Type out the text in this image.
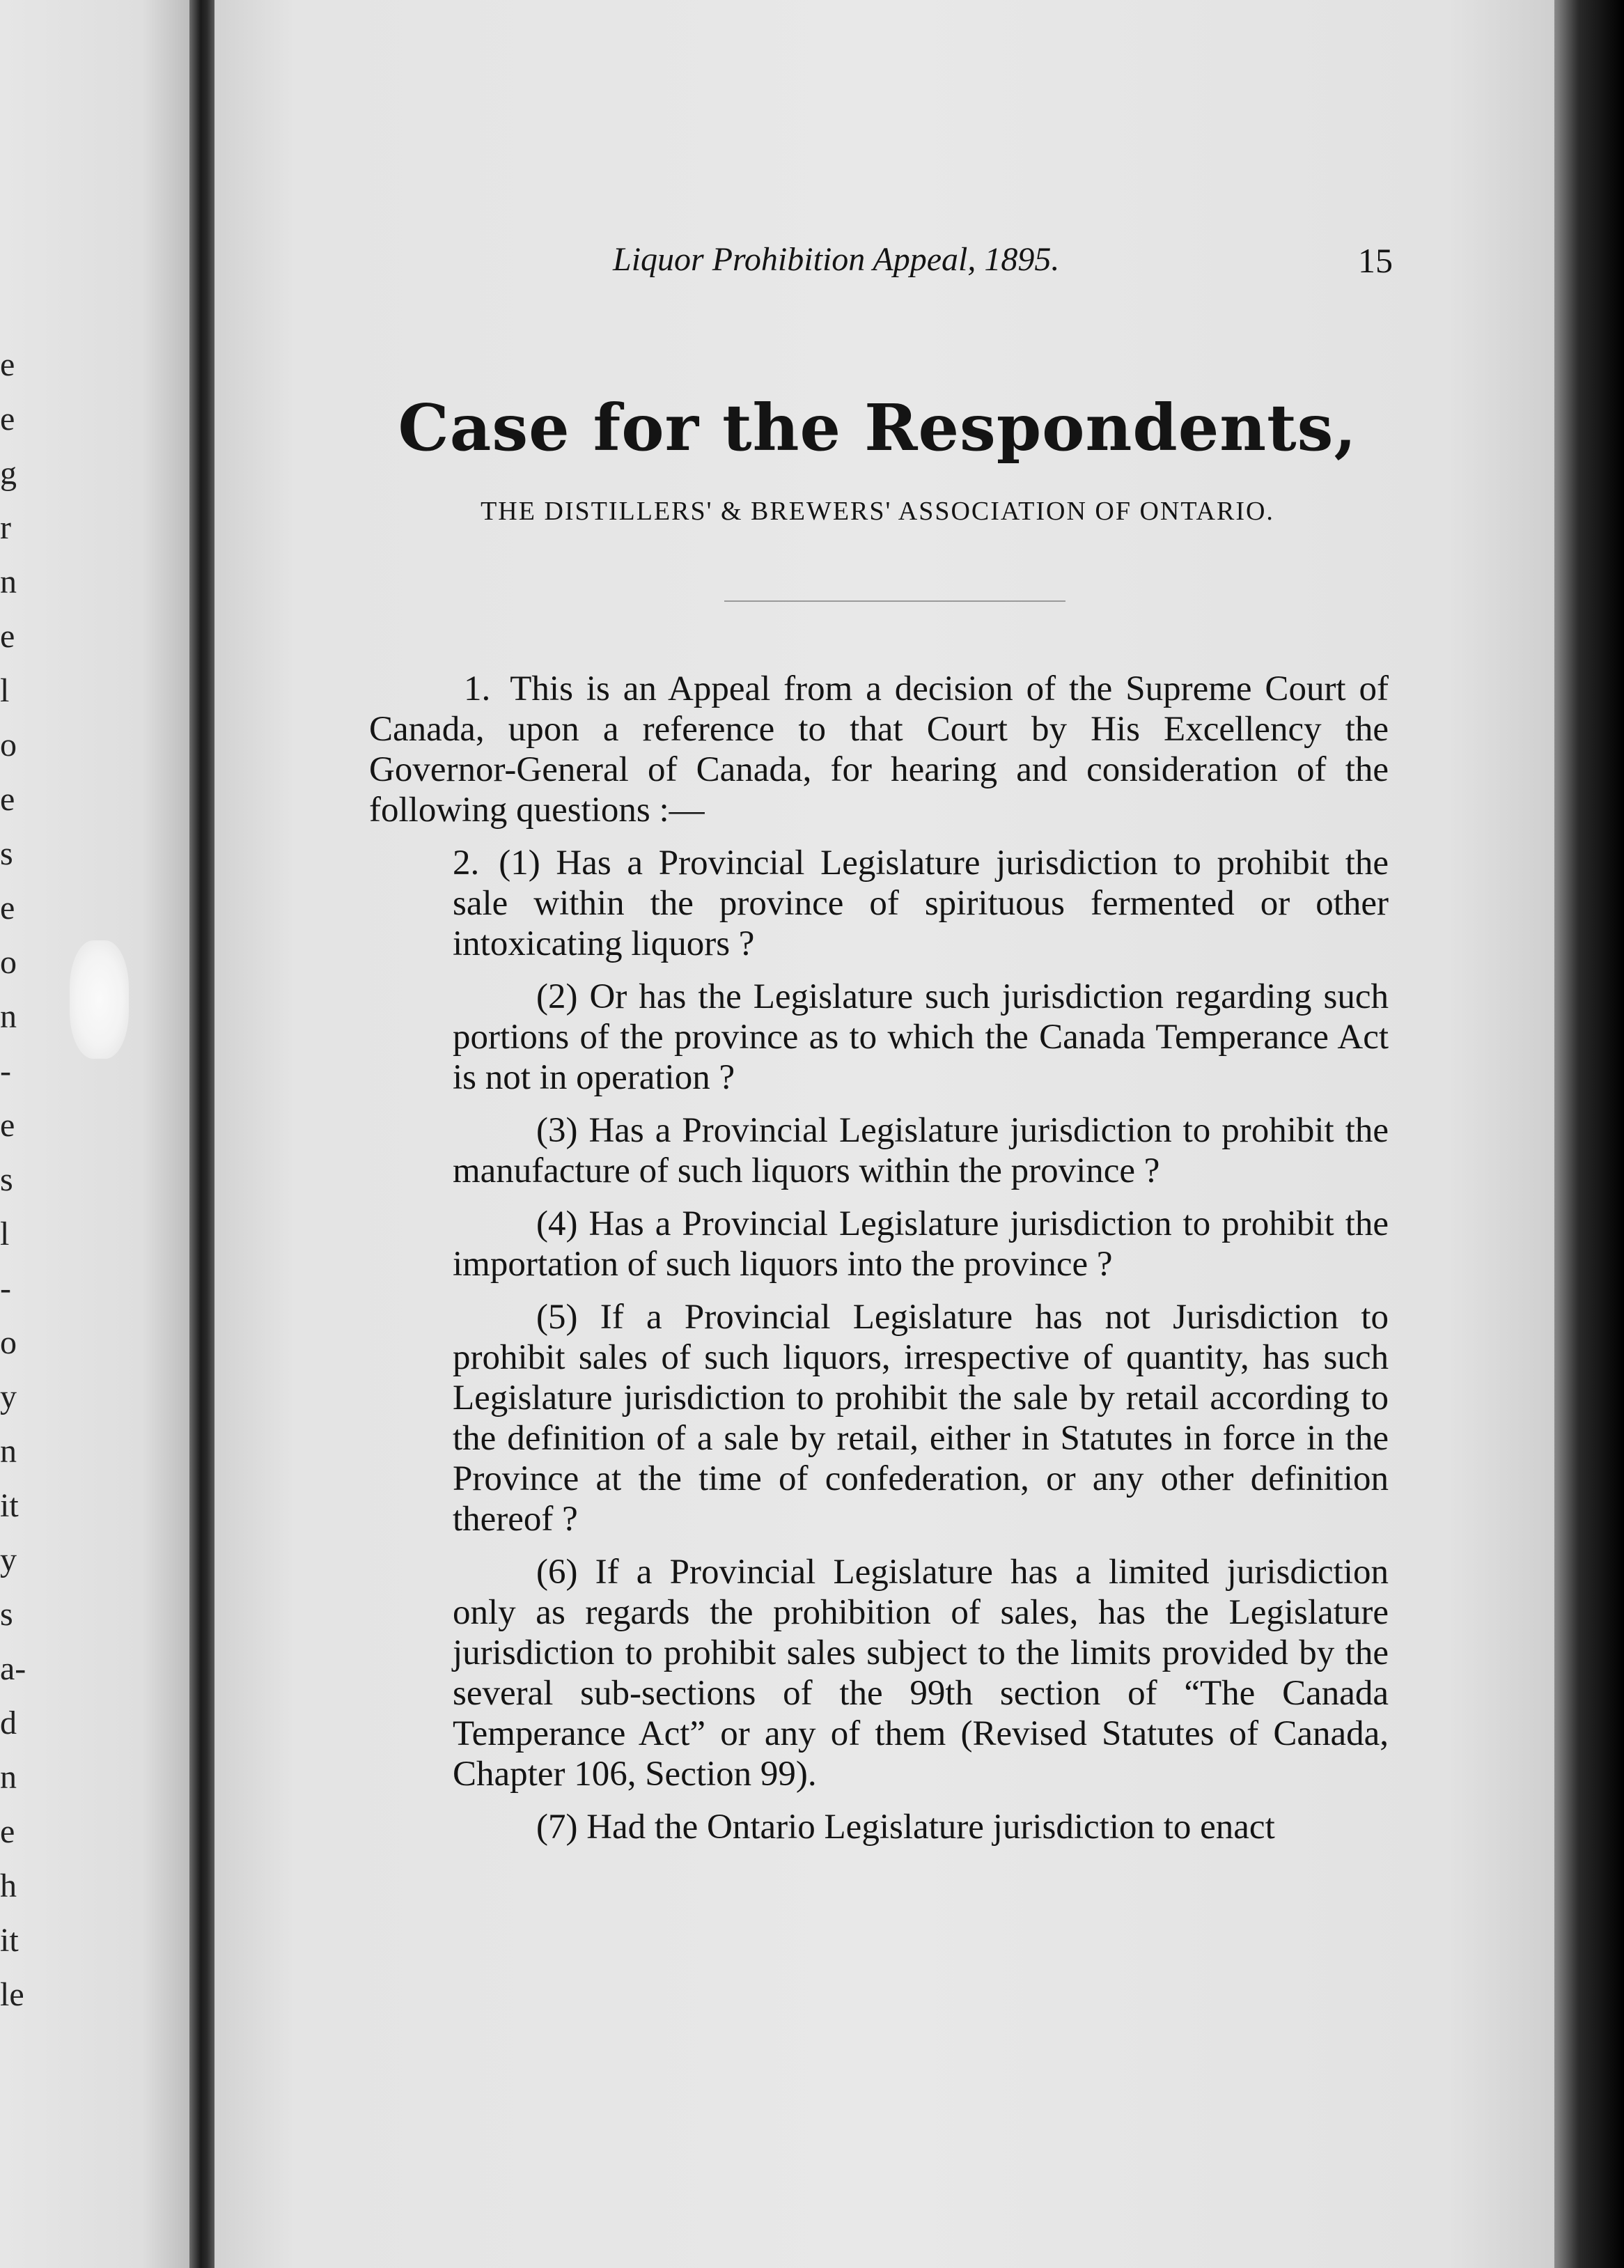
e
e
g
r
n
e
l
o
e
s
e
o
n
-
e
s
l
-
o
y
n
it
y
s
a-
d
n
e
h
it
le
Liquor Prohibition Appeal, 1895.	15
Case for the Respondents,
THE DISTILLERS' & BREWERS' ASSOCIATION OF ONTARIO.

1. This is an Appeal from a decision of the Supreme Court of Canada, upon a reference to that Court by His Excellency the Governor-General of Canada, for hearing and consideration of the following questions :—

2. (1) Has a Provincial Legislature jurisdiction to prohibit the sale within the province of spirituous fermented or other intoxicating liquors ?

(2) Or has the Legislature such jurisdiction regarding such portions of the province as to which the Canada Temperance Act is not in operation ?

(3) Has a Provincial Legislature jurisdiction to prohibit the manufacture of such liquors within the province ?

(4) Has a Provincial Legislature jurisdiction to prohibit the importation of such liquors into the province ?

(5) If a Provincial Legislature has not Jurisdiction to prohibit sales of such liquors, irrespective of quantity, has such Legislature jurisdiction to prohibit the sale by retail according to the definition of a sale by retail, either in Statutes in force in the Province at the time of confederation, or any other definition thereof ?

(6) If a Provincial Legislature has a limited jurisdiction only as regards the prohibition of sales, has the Legislature jurisdiction to prohibit sales subject to the limits provided by the several sub-sections of the 99th section of “The Canada Temperance Act” or any of them (Revised Statutes of Canada, Chapter 106, Section 99).

(7) Had the Ontario Legislature jurisdiction to enact
